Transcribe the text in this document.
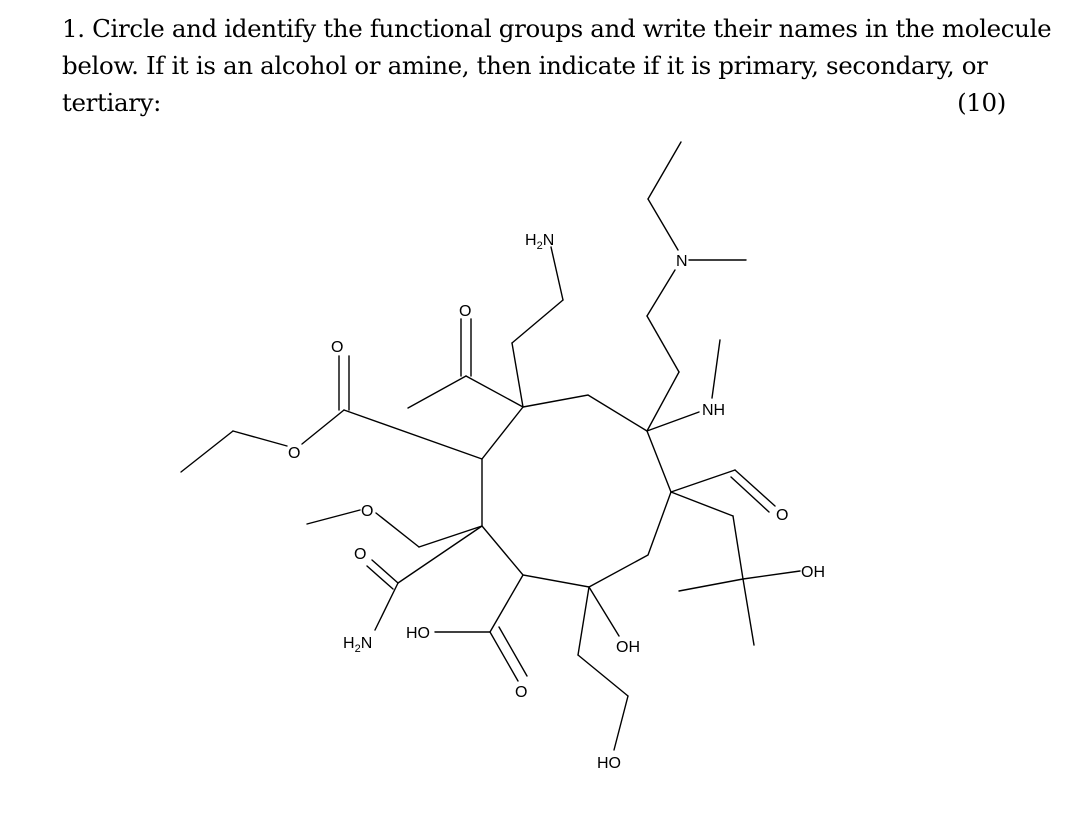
1. Circle and identify the functional groups and write their names in the molecule
below. If it is an alcohol or amine, then indicate if it is primary, secondary, or
tertiary:	(10)
$H_2N$
N
NH
O
O
O
O
O
$H_2N$
HO
O
OH
HO
O
OH
